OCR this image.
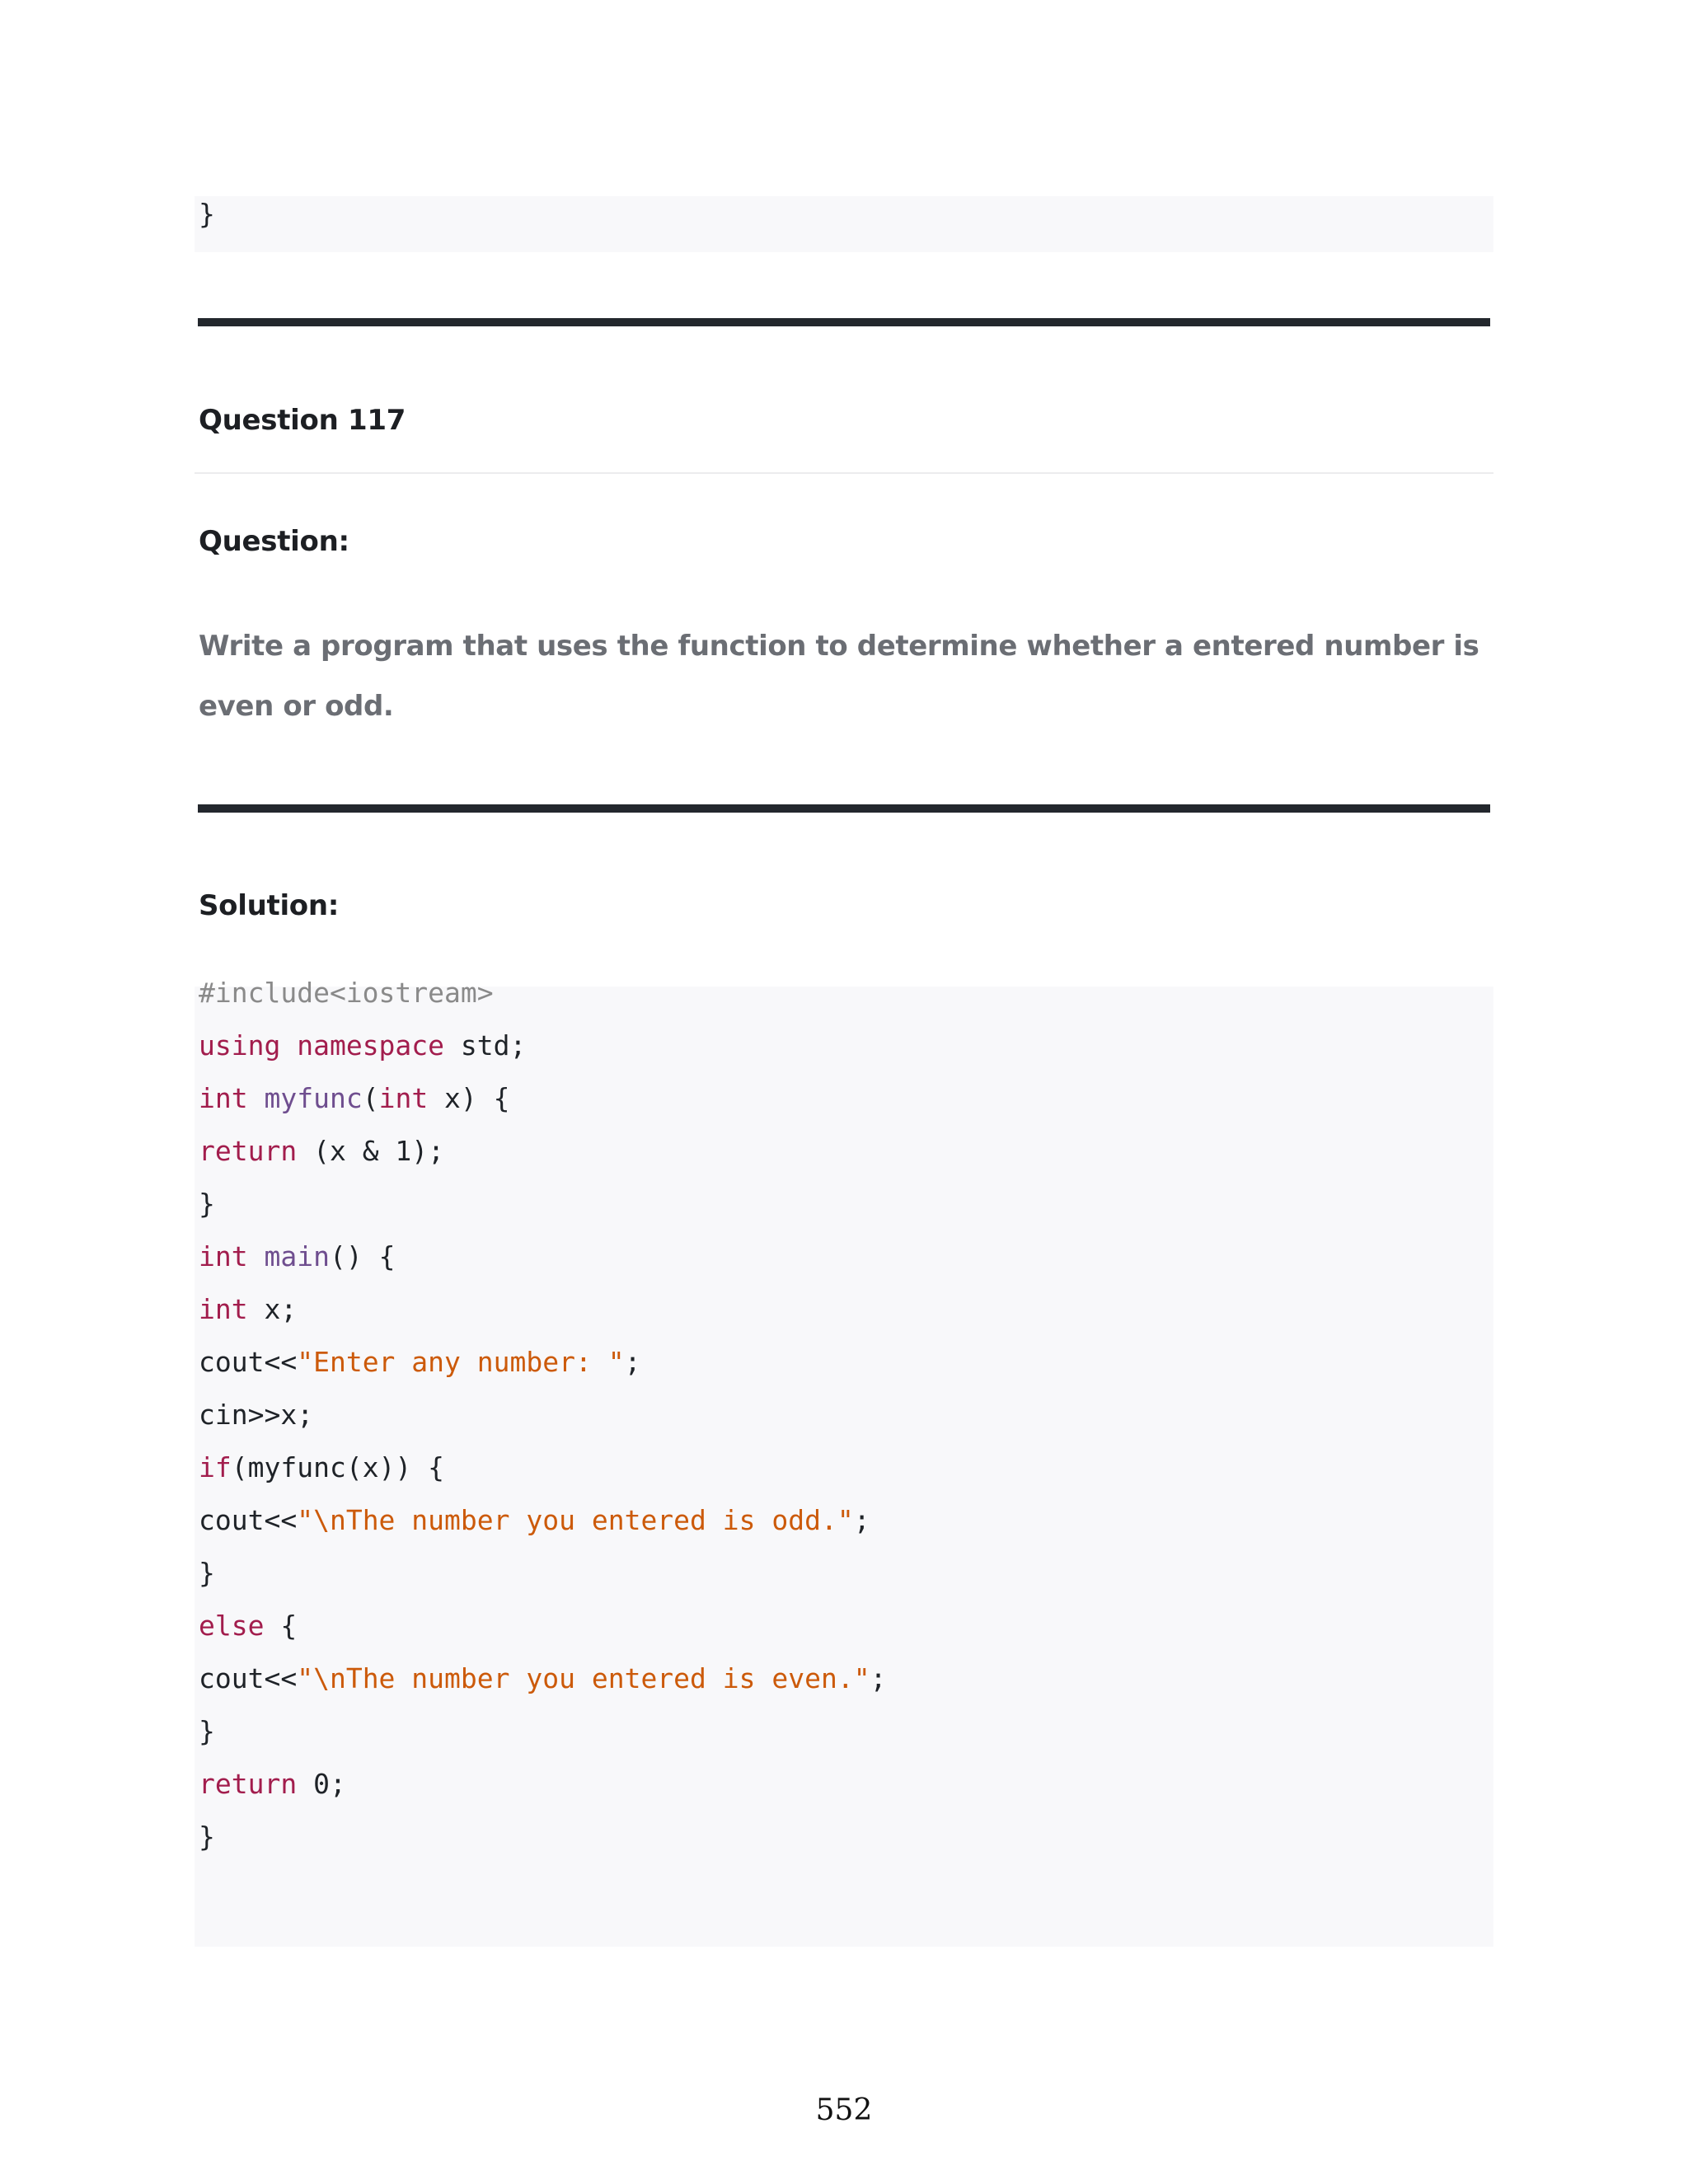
}
Question 117
Question:
Write a program that uses the function to determine whether a entered number is even or odd.
Solution:
#include<iostream>
using namespace std;
int myfunc(int x) {
return (x & 1);
}
int main() {
int x;
cout<<"Enter any number: ";
cin>>x;
if(myfunc(x)) {
cout<<"\nThe number you entered is odd.";
}
else {
cout<<"\nThe number you entered is even.";
}
return 0;
}
552
